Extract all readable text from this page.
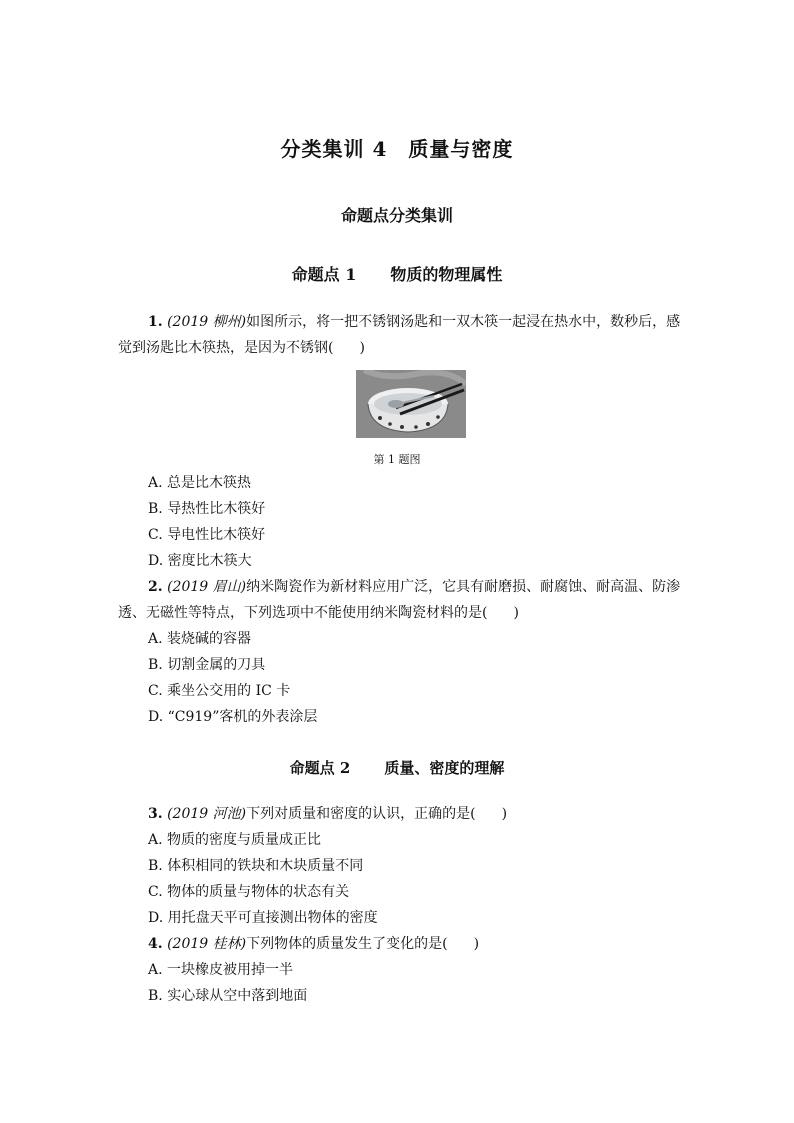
分类集训 4　质量与密度
命题点分类集训
命题点 1 物质的物理属性
1. (2019 柳州)如图所示，将一把不锈钢汤匙和一双木筷一起浸在热水中，数秒后，感
觉到汤匙比木筷热，是因为不锈钢( )
第 1 题图
A. 总是比木筷热
B. 导热性比木筷好
C. 导电性比木筷好
D. 密度比木筷大
2. (2019 眉山)纳米陶瓷作为新材料应用广泛，它具有耐磨损、耐腐蚀、耐高温、防渗
透、无磁性等特点，下列选项中不能使用纳米陶瓷材料的是( )
A. 装烧碱的容器
B. 切割金属的刀具
C. 乘坐公交用的 IC 卡
D. “C919”客机的外表涂层
命题点 2 质量、密度的理解
3. (2019 河池)下列对质量和密度的认识，正确的是( )
A. 物质的密度与质量成正比
B. 体积相同的铁块和木块质量不同
C. 物体的质量与物体的状态有关
D. 用托盘天平可直接测出物体的密度
4. (2019 桂林)下列物体的质量发生了变化的是( )
A. 一块橡皮被用掉一半
B. 实心球从空中落到地面
